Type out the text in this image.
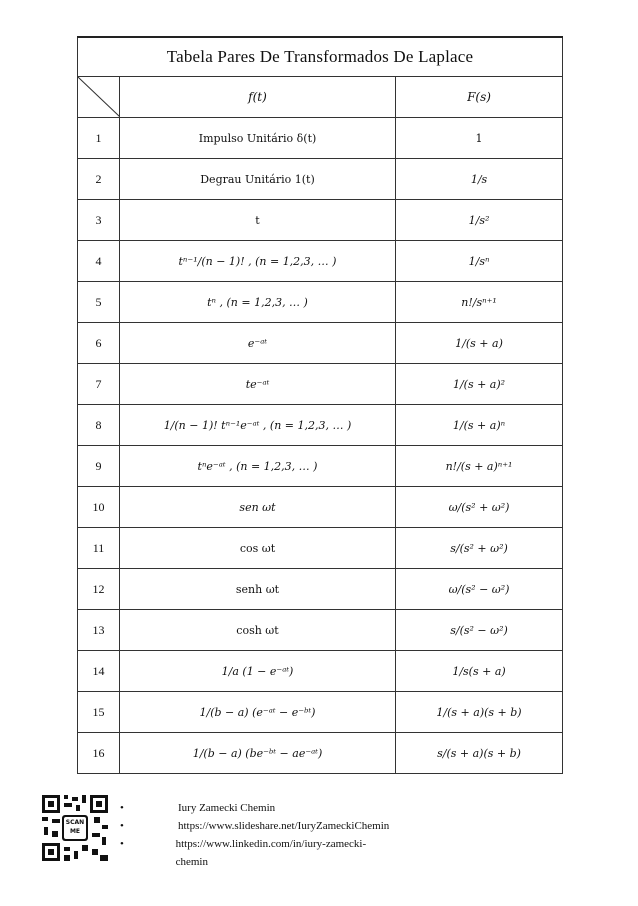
Tabela Pares De Transformados De Laplace		

	f(t)	F(s)
1	Impulso Unitário δ(t)	1
2	Degrau Unitário 1(t)	1/s
3	t	1/s²
4	tⁿ⁻¹/(n − 1)! , (n = 1,2,3, … )	1/sⁿ
5	tⁿ , (n = 1,2,3, … )	n!/sⁿ⁺¹
6	e⁻ᵃᵗ	1/(s + a)
7	te⁻ᵃᵗ	1/(s + a)²
8	1/(n − 1)! tⁿ⁻¹e⁻ᵃᵗ , (n = 1,2,3, … )	1/(s + a)ⁿ
9	tⁿe⁻ᵃᵗ , (n = 1,2,3, … )	n!/(s + a)ⁿ⁺¹
10	sen ωt	ω/(s² + ω²)
11	cos ωt	s/(s² + ω²)
12	senh ωt	ω/(s² − ω²)
13	cosh ωt	s/(s² − ω²)
14	1/a (1 − e⁻ᵃᵗ)	1/s(s + a)
15	1/(b − a) (e⁻ᵃᵗ − e⁻ᵇᵗ)	1/(s + a)(s + b)
16	1/(b − a) (be⁻ᵇᵗ − ae⁻ᵃᵗ)	s/(s + a)(s + b)
SCAN ME
•	Iury Zamecki Chemin
•	https://www.slideshare.net/IuryZameckiChemin
•	https://www.linkedin.com/in/iury-zamecki-chemin
